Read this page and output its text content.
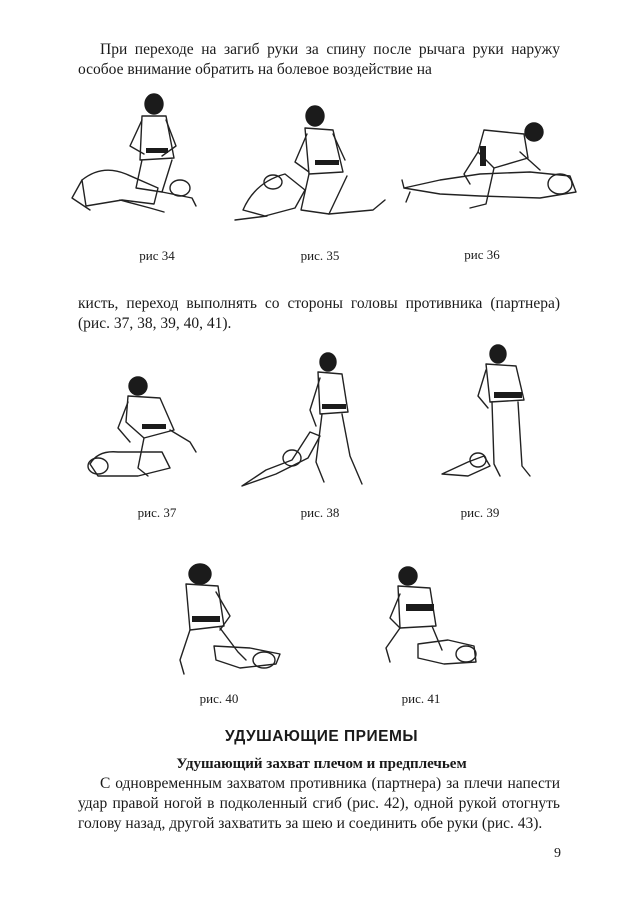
При переходе на загиб руки за спину после рычага руки наружу особое внимание обратить на болевое воздействие на
рис 34	рис. 35	рис 36
кисть, переход выполнять со стороны головы противника (партнера) (рис. 37, 38, 39, 40, 41).
рис. 37	рис. 38	рис. 39
рис. 40	рис. 41
УДУШАЮЩИЕ ПРИЕМЫ
Удушающий захват плечом и предплечьем
С одновременным захватом противника (партнера) за плечи напести удар правой ногой в подколенный сгиб (рис. 42), одной рукой отогнуть голову назад, другой захватить за шею и соединить обе руки (рис. 43).
9
